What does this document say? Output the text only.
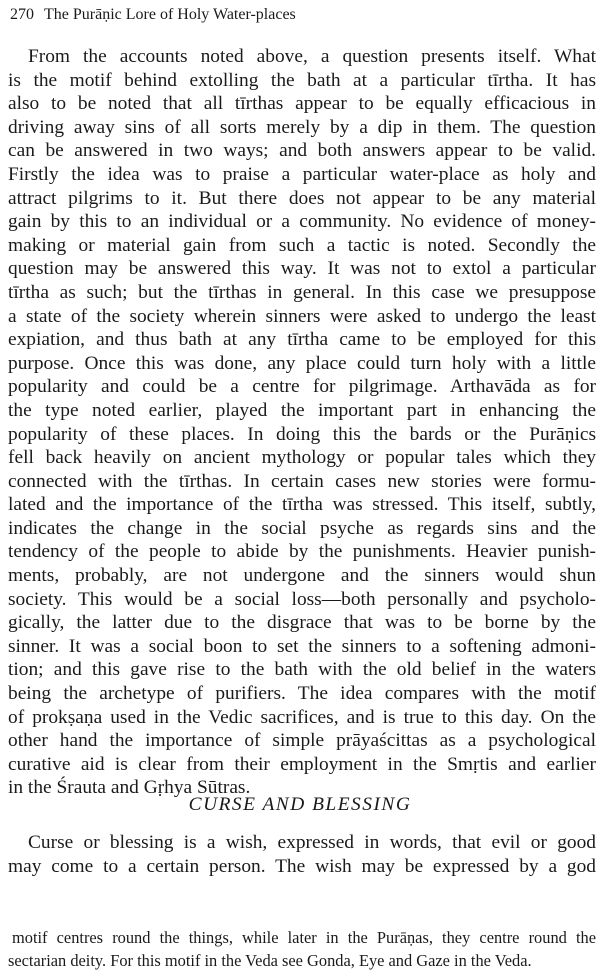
270 The Purāṇic Lore of Holy Water-places
From the accounts noted above, a question presents itself. What
is the motif behind extolling the bath at a particular tīrtha. It has
also to be noted that all tīrthas appear to be equally efficacious in
driving away sins of all sorts merely by a dip in them. The question
can be answered in two ways; and both answers appear to be valid.
Firstly the idea was to praise a particular water-place as holy and
attract pilgrims to it. But there does not appear to be any material
gain by this to an individual or a community. No evidence of money-
making or material gain from such a tactic is noted. Secondly the
question may be answered this way. It was not to extol a particular
tīrtha as such; but the tīrthas in general. In this case we presuppose
a state of the society wherein sinners were asked to undergo the least
expiation, and thus bath at any tīrtha came to be employed for this
purpose. Once this was done, any place could turn holy with a little
popularity and could be a centre for pilgrimage. Arthavāda as for
the type noted earlier, played the important part in enhancing the
popularity of these places. In doing this the bards or the Purāṇics
fell back heavily on ancient mythology or popular tales which they
connected with the tīrthas. In certain cases new stories were formu-
lated and the importance of the tīrtha was stressed. This itself, subtly,
indicates the change in the social psyche as regards sins and the
tendency of the people to abide by the punishments. Heavier punish-
ments, probably, are not undergone and the sinners would shun
society. This would be a social loss—both personally and psycholo-
gically, the latter due to the disgrace that was to be borne by the
sinner. It was a social boon to set the sinners to a softening admoni-
tion; and this gave rise to the bath with the old belief in the waters
being the archetype of purifiers. The idea compares with the motif
of prokṣaṇa used in the Vedic sacrifices, and is true to this day. On the
other hand the importance of simple prāyaścittas as a psychological
curative aid is clear from their employment in the Smṛtis and earlier
in the Śrauta and Gṛhya Sūtras.
CURSE AND BLESSING
Curse or blessing is a wish, expressed in words, that evil or good
may come to a certain person. The wish may be expressed by a god
motif centres round the things, while later in the Purāṇas, they centre round the
sectarian deity. For this motif in the Veda see Gonda, Eye and Gaze in the Veda.
